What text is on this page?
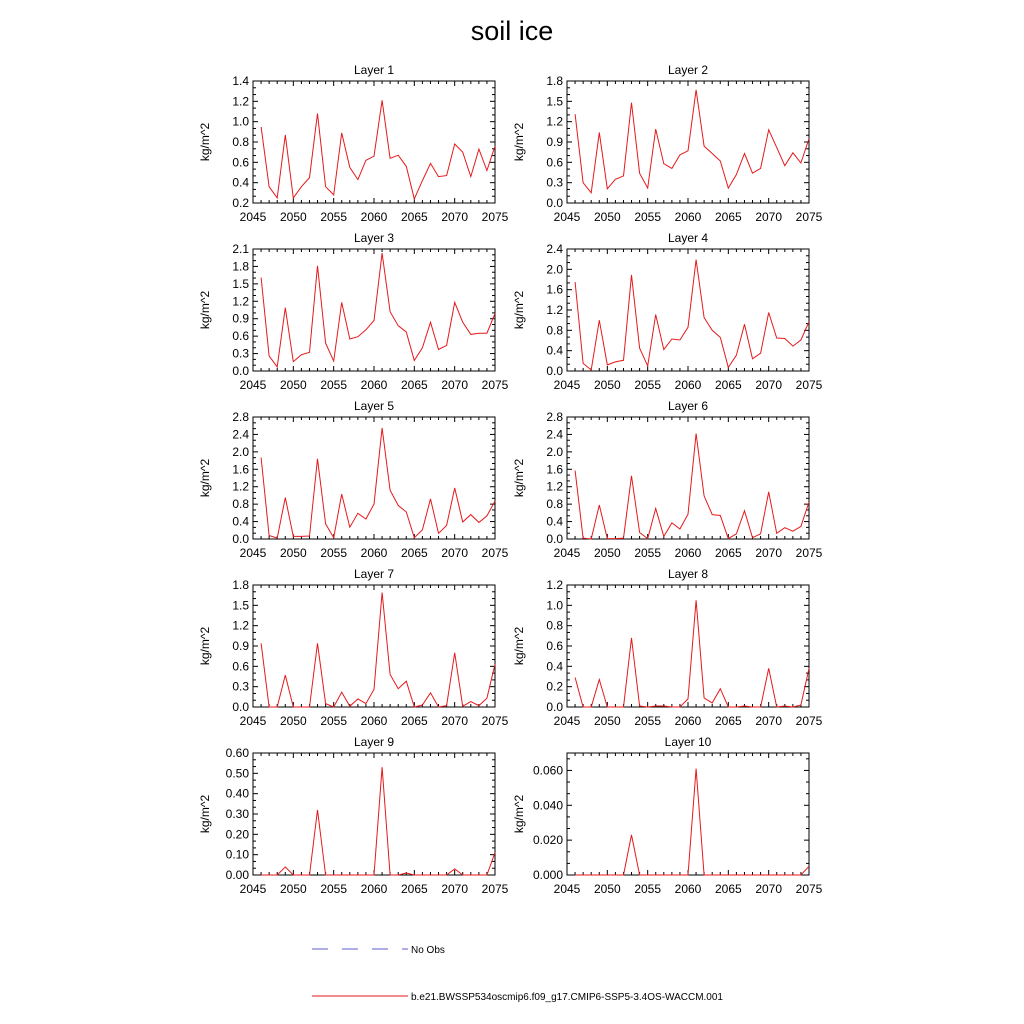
soil ice
Layer 1
kg/m^2
2045 2050 2055 2060 2065 2070 2075
0.2
0.4
0.6
0.8
1.0
1.2
1.4
Layer 2
kg/m^2
2045 2050 2055 2060 2065 2070 2075
0.0
0.3
0.6
0.9
1.2
1.5
1.8
Layer 3
kg/m^2
2045 2050 2055 2060 2065 2070 2075
0.0
0.3
0.6
0.9
1.2
1.5
1.8
2.1
Layer 4
kg/m^2
2045 2050 2055 2060 2065 2070 2075
0.0
0.4
0.8
1.2
1.6
2.0
2.4
Layer 5
kg/m^2
2045 2050 2055 2060 2065 2070 2075
0.0
0.4
0.8
1.2
1.6
2.0
2.4
2.8
Layer 6
kg/m^2
2045 2050 2055 2060 2065 2070 2075
0.0
0.4
0.8
1.2
1.6
2.0
2.4
2.8
Layer 7
kg/m^2
2045 2050 2055 2060 2065 2070 2075
0.0
0.3
0.6
0.9
1.2
1.5
1.8
Layer 8
kg/m^2
2045 2050 2055 2060 2065 2070 2075
0.0
0.2
0.4
0.6
0.8
1.0
1.2
Layer 9
kg/m^2
2045 2050 2055 2060 2065 2070 2075
0.00
0.10
0.20
0.30
0.40
0.50
0.60
Layer 10
kg/m^2
2045 2050 2055 2060 2065 2070 2075
0.000
0.020
0.040
0.060
No Obs
b.e21.BWSSP534oscmip6.f09_g17.CMIP6-SSP5-3.4OS-WACCM.001
